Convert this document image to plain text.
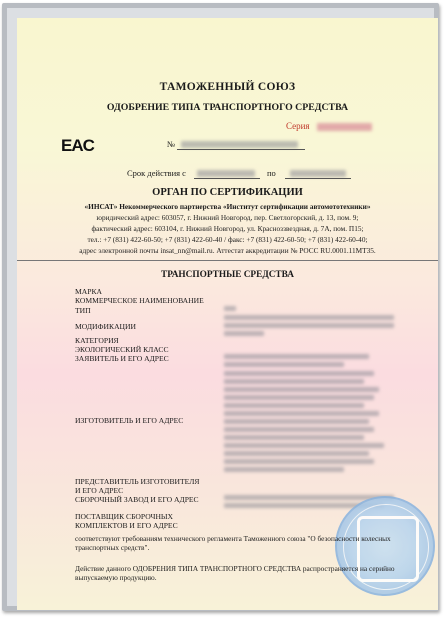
EAC
ТАМОЖЕННЫЙ СОЮЗ
ОДОБРЕНИЕ ТИПА ТРАНСПОРТНОГО СРЕДСТВА
Серия
№
Срок действия с	по
ОРГАН ПО СЕРТИФИКАЦИИ
«ИНСАТ» Некоммерческого партнерства «Институт сертификации автомототехники»
юридический адрес: 603057, г. Нижний Новгород, пер. Светлогорский, д. 13, пом. 9;
фактический адрес: 603104, г. Нижний Новгород, ул. Красноззвездная, д. 7А, пом. П15;
тел.: +7 (831) 422-60-50; +7 (831) 422-60-40 / факс: +7 (831) 422-60-50; +7 (831) 422-60-40;
адрес электронной почты insat_nn@mail.ru. Аттестат аккредитации № РОСС RU.0001.11МТ35.
ТРАНСПОРТНЫЕ СРЕДСТВА
МАРКА
КОММЕРЧЕСКОЕ НАИМЕНОВАНИЕ
ТИП
МОДИФИКАЦИИ
КАТЕГОРИЯ
ЭКОЛОГИЧЕСКИЙ КЛАСС
ЗАЯВИТЕЛЬ И ЕГО АДРЕС
ИЗГОТОВИТЕЛЬ И ЕГО АДРЕС
ПРЕДСТАВИТЕЛЬ ИЗГОТОВИТЕЛЯ
И ЕГО АДРЕС
СБОРОЧНЫЙ ЗАВОД И ЕГО АДРЕС
ПОСТАВЩИК СБОРОЧНЫХ
КОМПЛЕКТОВ И ЕГО АДРЕС
соответствуют требованиям технического регламента Таможенного союза "О безопасности колесных
транспортных средств".
Действие данного ОДОБРЕНИЯ ТИПА ТРАНСПОРТНОГО СРЕДСТВА распространяется на серийно
выпускаемую продукцию.
